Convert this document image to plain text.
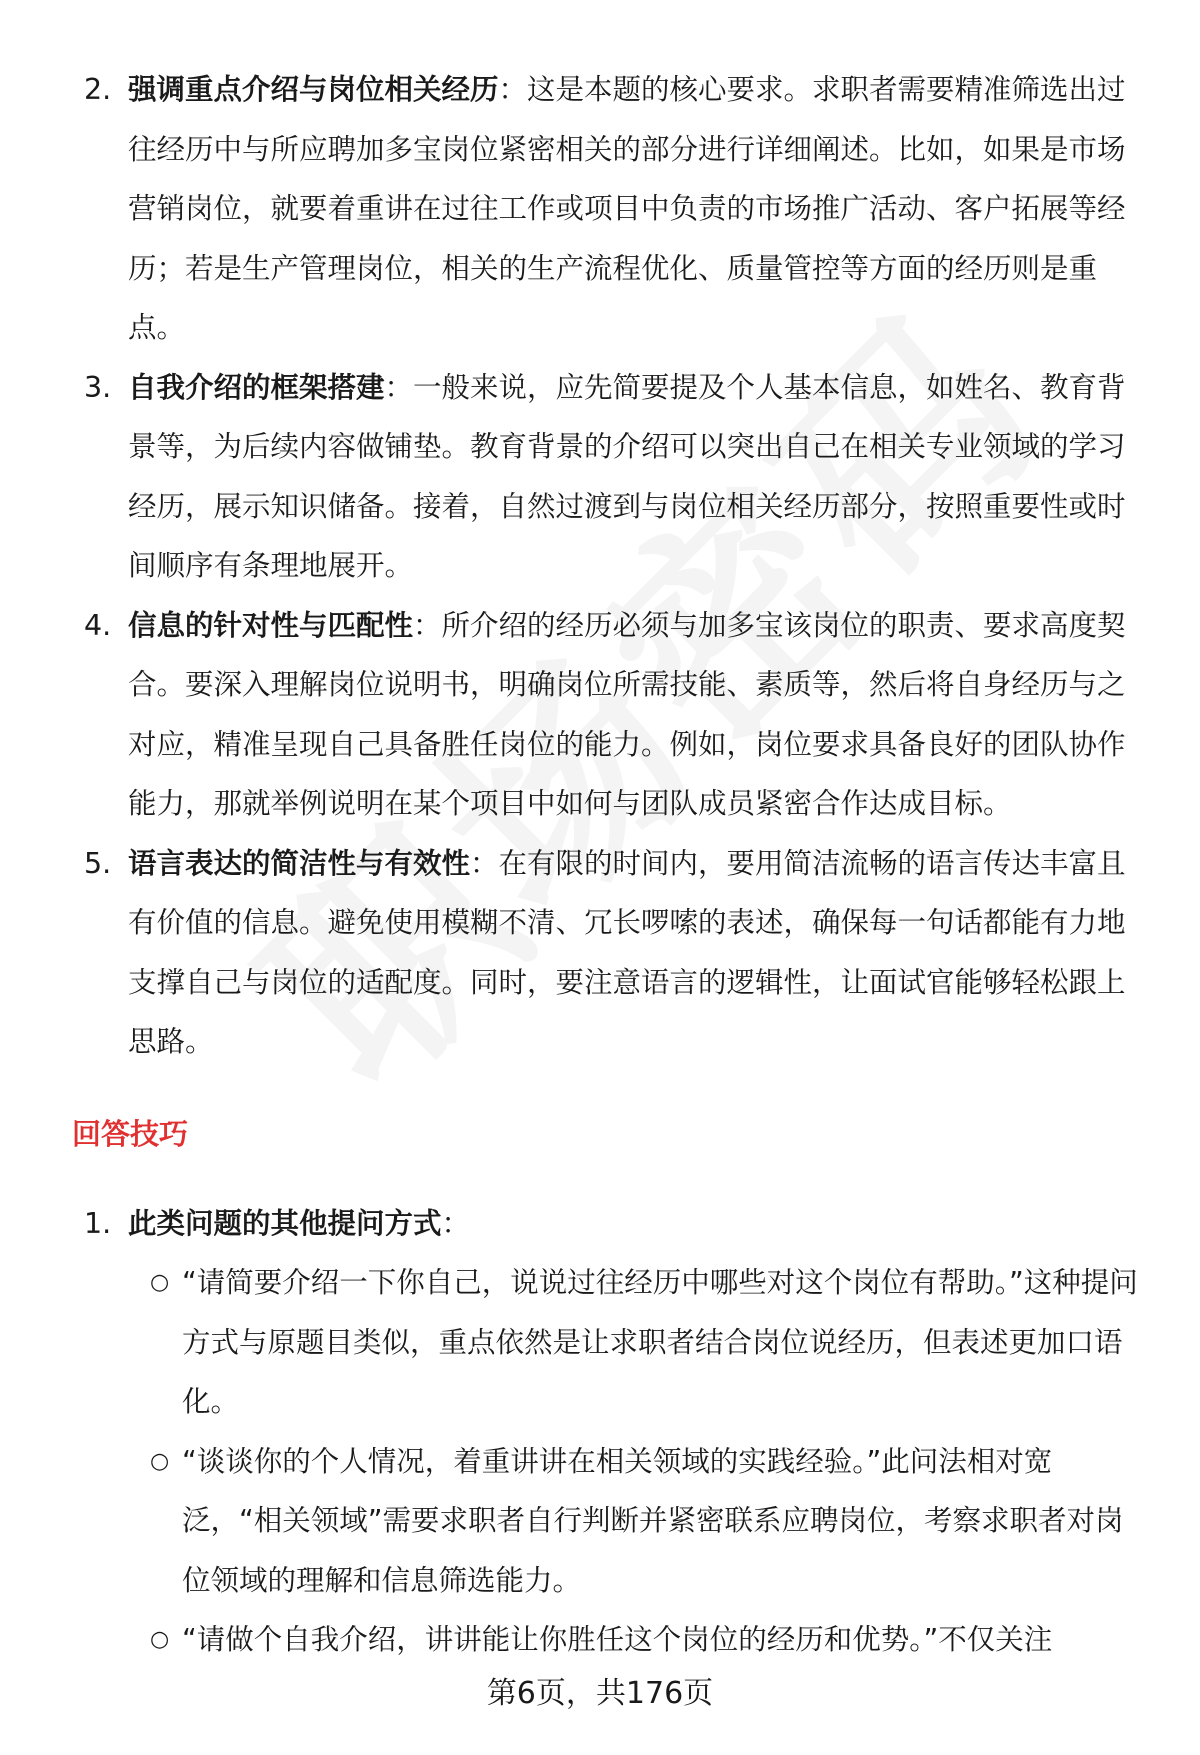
2. 强调重点介绍与岗位相关经历：这是本题的核心要求。求职者需要精准筛选出过往经历中与所应聘加多宝岗位紧密相关的部分进行详细阐述。比如，如果是市场营销岗位，就要着重讲在过往工作或项目中负责的市场推广活动、客户拓展等经历；若是生产管理岗位，相关的生产流程优化、质量管控等方面的经历则是重点。
3. 自我介绍的框架搭建：一般来说，应先简要提及个人基本信息，如姓名、教育背景等，为后续内容做铺垫。教育背景的介绍可以突出自己在相关专业领域的学习经历，展示知识储备。接着，自然过渡到与岗位相关经历部分，按照重要性或时间顺序有条理地展开。
4. 信息的针对性与匹配性：所介绍的经历必须与加多宝该岗位的职责、要求高度契合。要深入理解岗位说明书，明确岗位所需技能、素质等，然后将自身经历与之对应，精准呈现自己具备胜任岗位的能力。例如，岗位要求具备良好的团队协作能力，那就举例说明在某个项目中如何与团队成员紧密合作达成目标。
5. 语言表达的简洁性与有效性：在有限的时间内，要用简洁流畅的语言传达丰富且有价值的信息。避免使用模糊不清、冗长啰嗦的表述，确保每一句话都能有力地支撑自己与岗位的适配度。同时，要注意语言的逻辑性，让面试官能够轻松跟上思路。
回答技巧
1. 此类问题的其他提问方式：
○ “请简要介绍一下你自己，说说过往经历中哪些对这个岗位有帮助。”这种提问方式与原题目类似，重点依然是让求职者结合岗位说经历，但表述更加口语化。
○ “谈谈你的个人情况，着重讲讲在相关领域的实践经验。”此问法相对宽泛，“相关领域”需要求职者自行判断并紧密联系应聘岗位，考察求职者对岗位领域的理解和信息筛选能力。
○ “请做个自我介绍，讲讲能让你胜任这个岗位的经历和优势。”不仅关注
第6页，共176页
